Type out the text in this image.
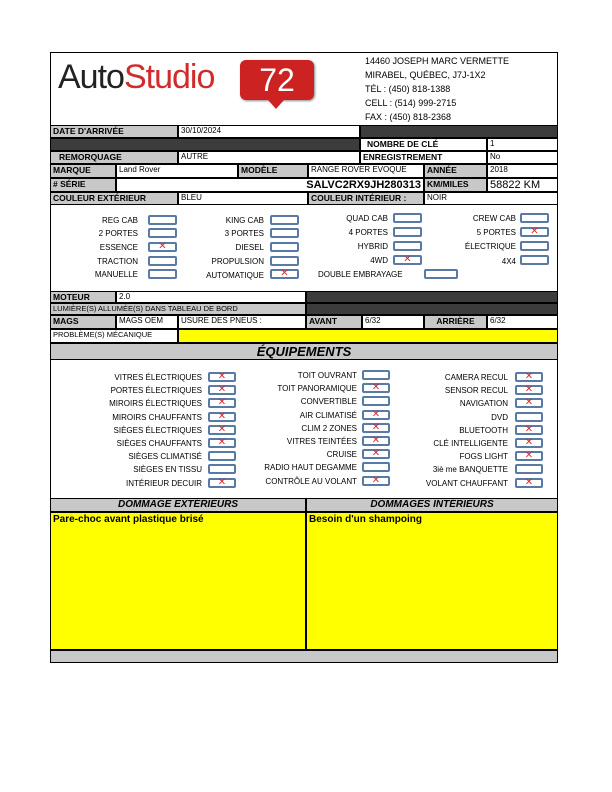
AutoStudio	72
14460 JOSEPH MARC VERMETTE
MIRABEL, QUÉBEC, J7J-1X2
TÉL : (450) 818-1388
CELL : (514) 999-2715
FAX : (450) 818-2368
DATE D'ARRIVÉE	30/10/2024
NOMBRE DE CLÉ	1
REMORQUAGE	AUTRE	ENREGISTREMENT	No
MARQUE	Land Rover	MODÈLE	RANGE ROVER EVOQUE	ANNÉE	2018
# SÉRIE	SALVC2RX9JH280313 KM/MILES	58822 KM
COULEUR EXTÉRIEUR	BLEU	COULEUR INTÉRIEUR :	NOIR
REG CAB	KING CAB	QUAD CAB	CREW CAB
2 PORTES	3 PORTES	4 PORTES	5 PORTES	✕
ESSENCE	✕	DIESEL	HYBRID	ÉLECTRIQUE
TRACTION	PROPULSION	4WD	✕	4X4
MANUELLE	AUTOMATIQUE	✕	DOUBLE EMBRAYAGE
MOTEUR	2.0
LUMIÈRE(S) ALLUMÉE(S) DANS TABLEAU DE BORD
MAGS	MAGS OEM	USURE DES PNEUS :	AVANT	6/32	ARRIÈRE	6/32
PROBLÈME(S) MÉCANIQUE
ÉQUIPEMENTS
VITRES ÉLECTRIQUES	✕
PORTES ÉLECTRIQUES	✕
MIROIRS ÉLECTRIQUES	✕
MIROIRS CHAUFFANTS	✕
SIÈGES ÉLECTRIQUES	✕
SIÈGES CHAUFFANTS	✕
SIÈGES CLIMATISÉ
SIÈGES EN TISSU
INTÉRIEUR DECUIR	✕
TOIT OUVRANT
TOIT PANORAMIQUE	✕
CONVERTIBLE
AIR CLIMATISÉ	✕
CLIM 2 ZONES	✕
VITRES TEINTÉES	✕
CRUISE	✕
RADIO HAUT DEGAMME
CONTRÔLE AU VOLANT	✕
CAMERA RECUL	✕
SENSOR RECUL	✕
NAVIGATION	✕
DVD
BLUETOOTH	✕
CLÉ INTELLIGENTE	✕
FOGS LIGHT	✕
3iè me BANQUETTE
VOLANT CHAUFFANT	✕
DOMMAGE EXTÉRIEURS	DOMMAGES INTÉRIEURS
Pare-choc avant plastique brisé	Besoin d'un shampoing
